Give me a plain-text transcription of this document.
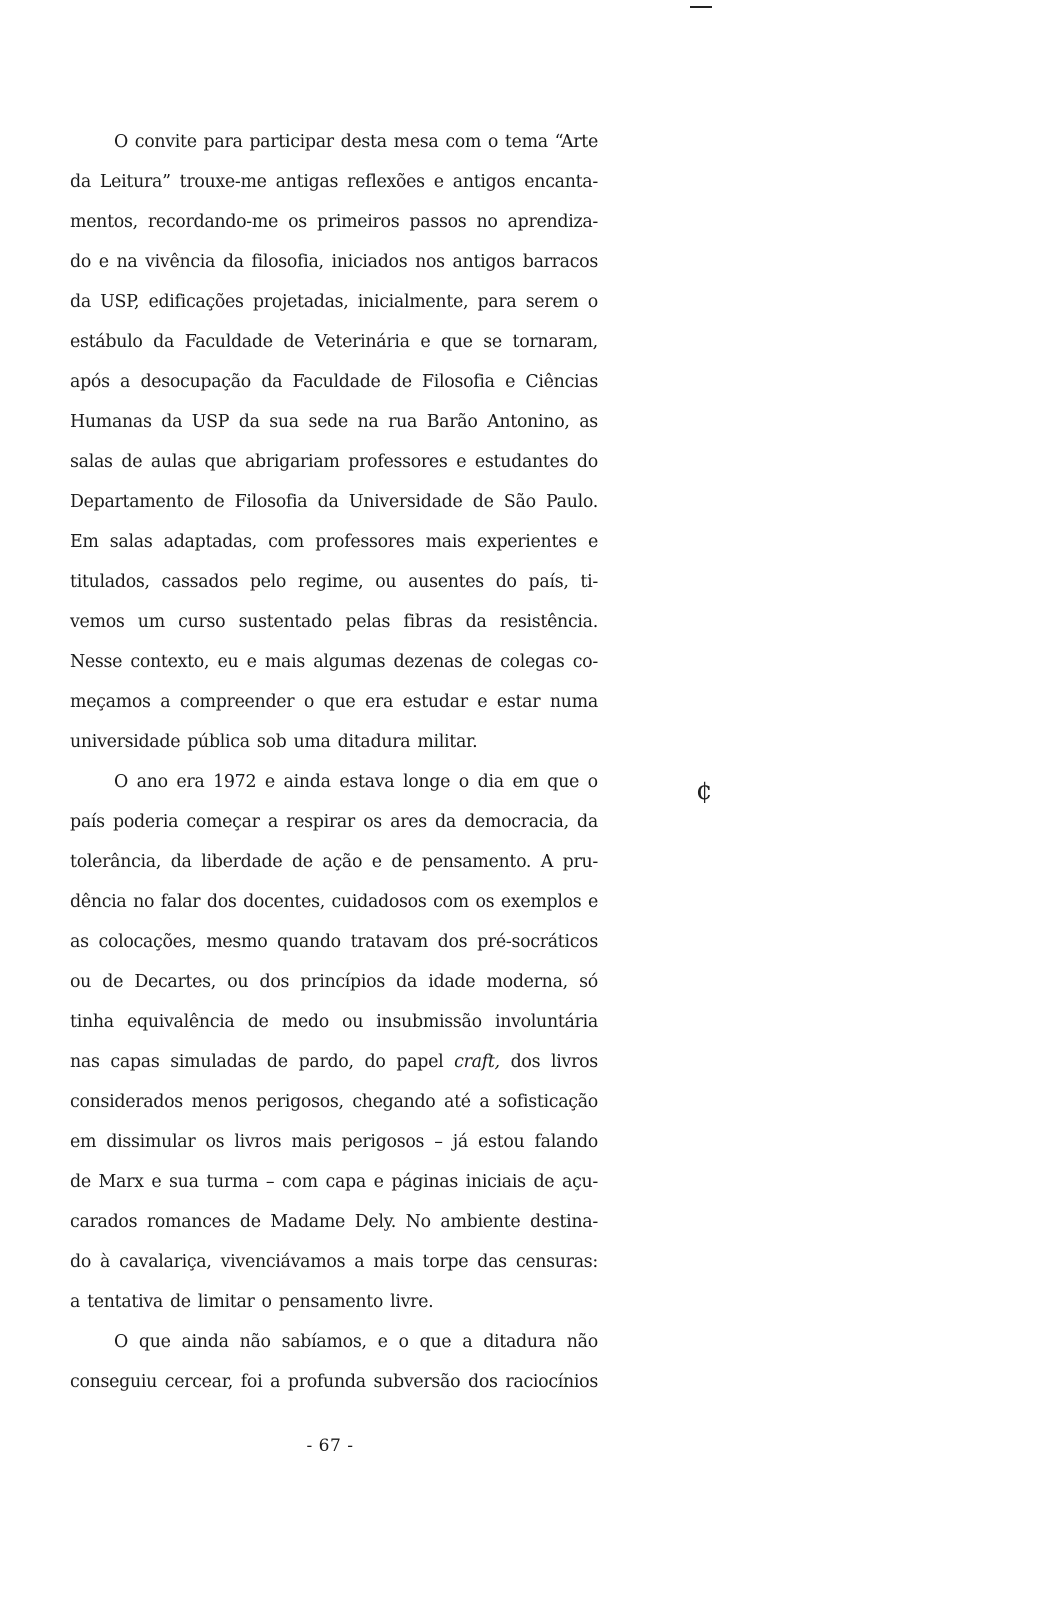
¢
O convite para participar desta mesa com o tema “Arte
da Leitura” trouxe-me antigas reflexões e antigos encanta-
mentos, recordando-me os primeiros passos no aprendiza-
do e na vivência da filosofia, iniciados nos antigos barracos
da USP, edificações projetadas, inicialmente, para serem o
estábulo da Faculdade de Veterinária e que se tornaram,
após a desocupação da Faculdade de Filosofia e Ciências
Humanas da USP da sua sede na rua Barão Antonino, as
salas de aulas que abrigariam professores e estudantes do
Departamento de Filosofia da Universidade de São Paulo.
Em salas adaptadas, com professores mais experientes e
titulados, cassados pelo regime, ou ausentes do país, ti-
vemos um curso sustentado pelas fibras da resistência.
Nesse contexto, eu e mais algumas dezenas de colegas co-
meçamos a compreender o que era estudar e estar numa
universidade pública sob uma ditadura militar.
O ano era 1972 e ainda estava longe o dia em que o
país poderia começar a respirar os ares da democracia, da
tolerância, da liberdade de ação e de pensamento. A pru-
dência no falar dos docentes, cuidadosos com os exemplos e
as colocações, mesmo quando tratavam dos pré-socráticos
ou de Decartes, ou dos princípios da idade moderna, só
tinha equivalência de medo ou insubmissão involuntária
nas capas simuladas de pardo, do papel craft, dos livros
considerados menos perigosos, chegando até a sofisticação
em dissimular os livros mais perigosos – já estou falando
de Marx e sua turma – com capa e páginas iniciais de açu-
carados romances de Madame Dely. No ambiente destina-
do à cavalariça, vivenciávamos a mais torpe das censuras:
a tentativa de limitar o pensamento livre.
O que ainda não sabíamos, e o que a ditadura não
conseguiu cercear, foi a profunda subversão dos raciocínios
- 67 -
